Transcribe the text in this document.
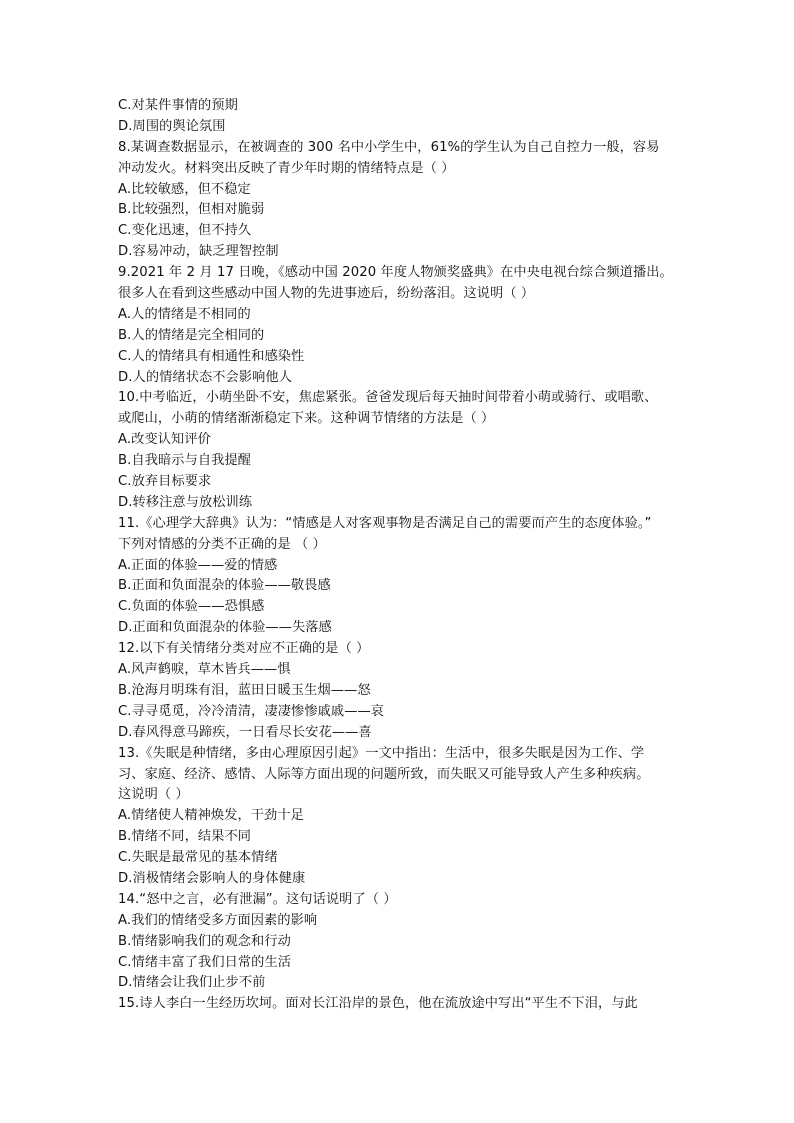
C.对某件事情的预期
D.周围的舆论氛围
8.某调查数据显示，在被调查的 300 名中小学生中，61%的学生认为自己自控力一般，容易
冲动发火。材料突出反映了青少年时期的情绪特点是（ ）
A.比较敏感，但不稳定
B.比较强烈，但相对脆弱
C.变化迅速，但不持久
D.容易冲动，缺乏理智控制
9.2021 年 2 月 17 日晚，《感动中国 2020 年度人物颁奖盛典》在中央电视台综合频道播出。
很多人在看到这些感动中国人物的先进事迹后，纷纷落泪。这说明（ ）
A.人的情绪是不相同的
B.人的情绪是完全相同的
C.人的情绪具有相通性和感染性
D.人的情绪状态不会影响他人
10.中考临近，小萌坐卧不安，焦虑紧张。爸爸发现后每天抽时间带着小萌或骑行、或唱歌、
或爬山，小萌的情绪渐渐稳定下来。这种调节情绪的方法是（ ）
A.改变认知评价
B.自我暗示与自我提醒
C.放弃目标要求
D.转移注意与放松训练
11.《心理学大辞典》认为：“情感是人对客观事物是否满足自己的需要而产生的态度体验。”
下列对情感的分类不正确的是 （ ）
A.正面的体验——爱的情感
B.正面和负面混杂的体验——敬畏感
C.负面的体验——恐惧感
D.正面和负面混杂的体验——失落感
12.以下有关情绪分类对应不正确的是（ ）
A.风声鹤唳，草木皆兵——惧
B.沧海月明珠有泪，蓝田日暖玉生烟——怒
C.寻寻觅觅，冷冷清清，凄凄惨惨戚戚——哀
D.春风得意马蹄疾，一日看尽长安花——喜
13.《失眠是种情绪，多由心理原因引起》一文中指出：生活中，很多失眠是因为工作、学
习、家庭、经济、感情、人际等方面出现的问题所致，而失眠又可能导致人产生多种疾病。
这说明（ ）
A.情绪使人精神焕发，干劲十足
B.情绪不同，结果不同
C.失眠是最常见的基本情绪
D.消极情绪会影响人的身体健康
14.“怒中之言，必有泄漏”。这句话说明了（ ）
A.我们的情绪受多方面因素的影响
B.情绪影响我们的观念和行动
C.情绪丰富了我们日常的生活
D.情绪会让我们止步不前
15.诗人李白一生经历坎坷。面对长江沿岸的景色，他在流放途中写出“平生不下泪，与此
